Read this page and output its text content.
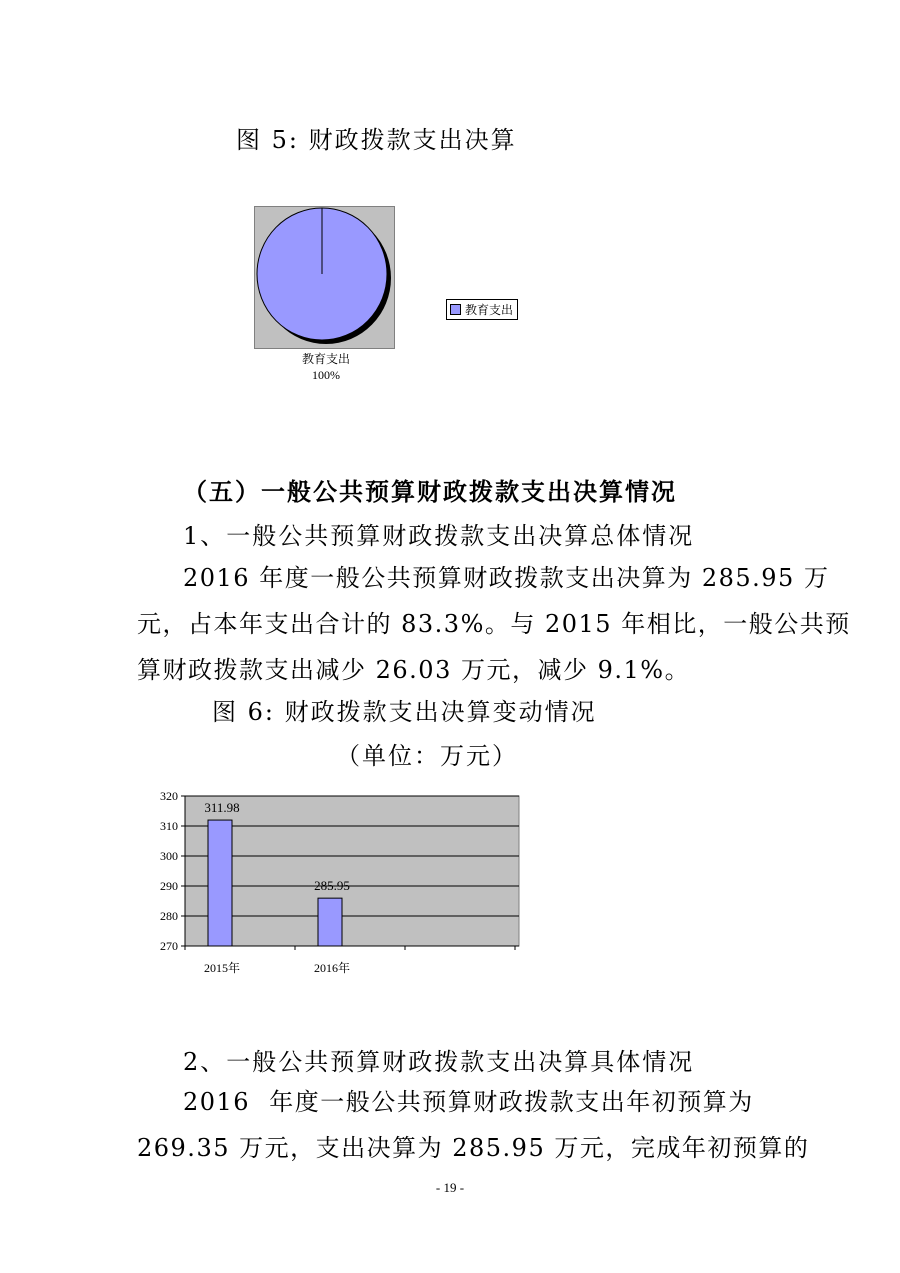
图 5: 财政拨款支出决算
教育支出
100%
教育支出
（五）一般公共预算财政拨款支出决算情况
1、一般公共预算财政拨款支出决算总体情况
2016 年度一般公共预算财政拨款支出决算为 285.95 万
元，占本年支出合计的 83.3%。与 2015 年相比，一般公共预
算财政拨款支出减少 26.03 万元，减少 9.1%。
图 6: 财政拨款支出决算变动情况
（单位：万元）
311.98
285.95
320
310
300
290
280
270
2015年	2016年
2、一般公共预算财政拨款支出决算具体情况
2016 年度一般公共预算财政拨款支出年初预算为
269.35 万元，支出决算为 285.95 万元，完成年初预算的
- 19 -
